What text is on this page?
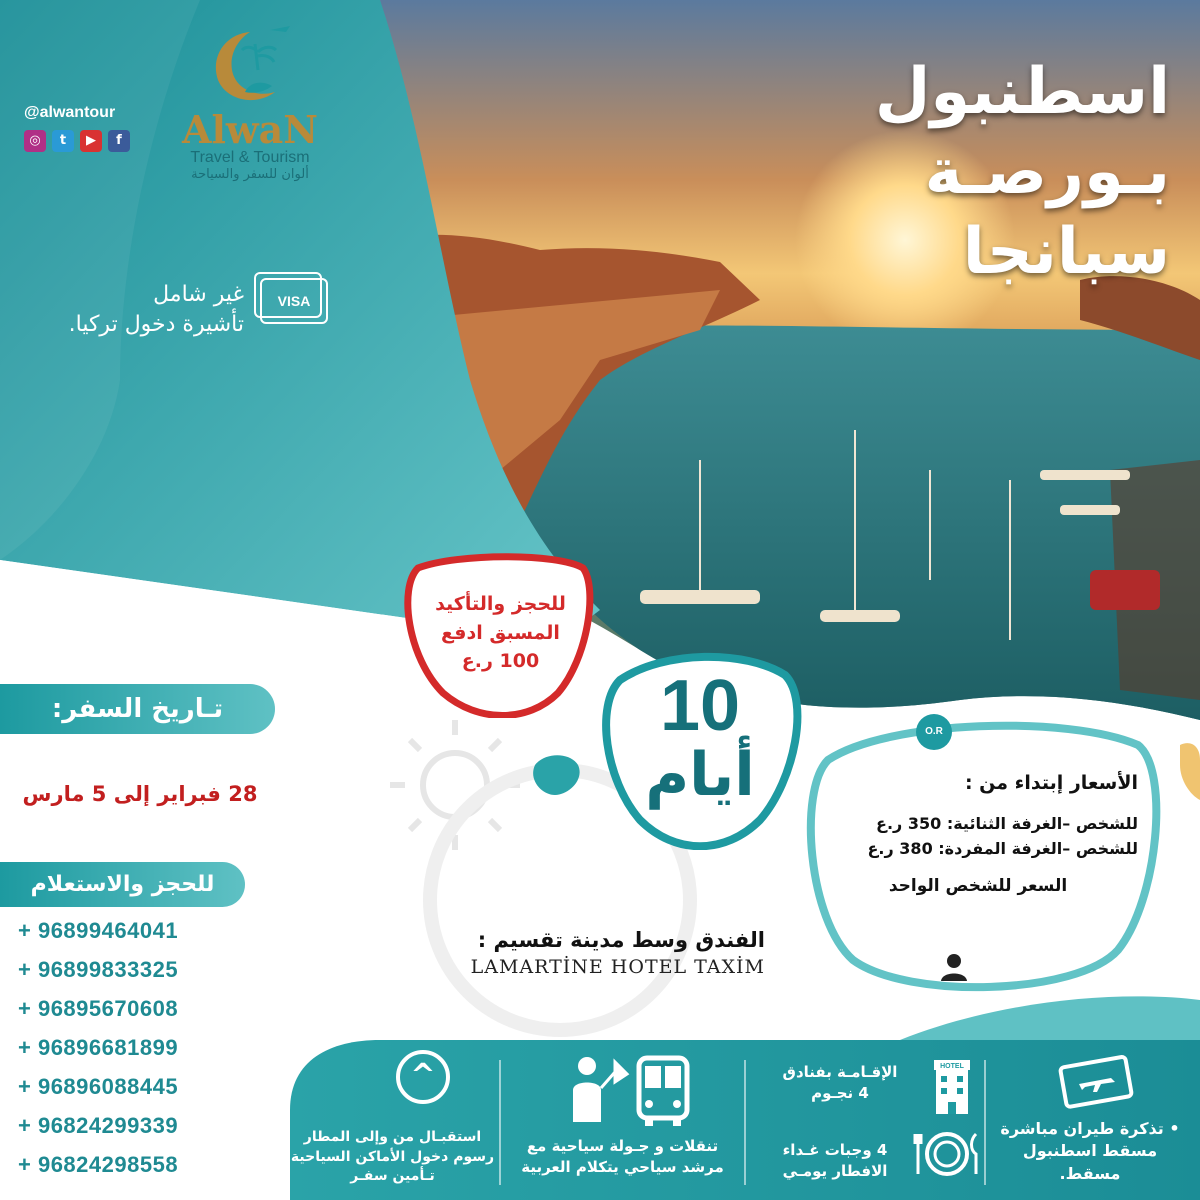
AlwaN
Travel & Tourism
ألوان للسفر والسياحة
@alwantour
◎	t	▶	f
اسطنبول
بـورصـة
سبانجا
VISA
غير شامل
تأشيرة دخول تركيا.
للحجز والتأكيد
المسبق ادفع
100 ر.ع
10
أيام
O.R
الأسعار إبتداء من :
للشخص –الغرفة الثنائية: 350 ر.ع
للشخص –الغرفة المفردة: 380 ر.ع
السعر للشخص الواحد
الفندق وسط مدينة تقسيم :
LAMARTİNE HOTEL TAXİM
تـاريخ السفر:
28 فبراير إلى 5 مارس
للحجز والاستعلام
+ 96899464041
+ 96899833325
+ 96895670608
+ 96896681899
+ 96896088445
+ 96824299339
+ 96824298558
• تذكرة طيران مباشرة مسقط اسطنبول مسقط.
HOTEL
الإقـامـة بفنادق
4 نجـوم
4 وجبات غـداء
الافطار يومـي
تنقلات و جـولة سياحية مع
مرشد سياحي يتكلام العربية
^
استقبـال من وإلى المطار
رسوم دخول الأماكن السياحية
تـأمين سفـر
